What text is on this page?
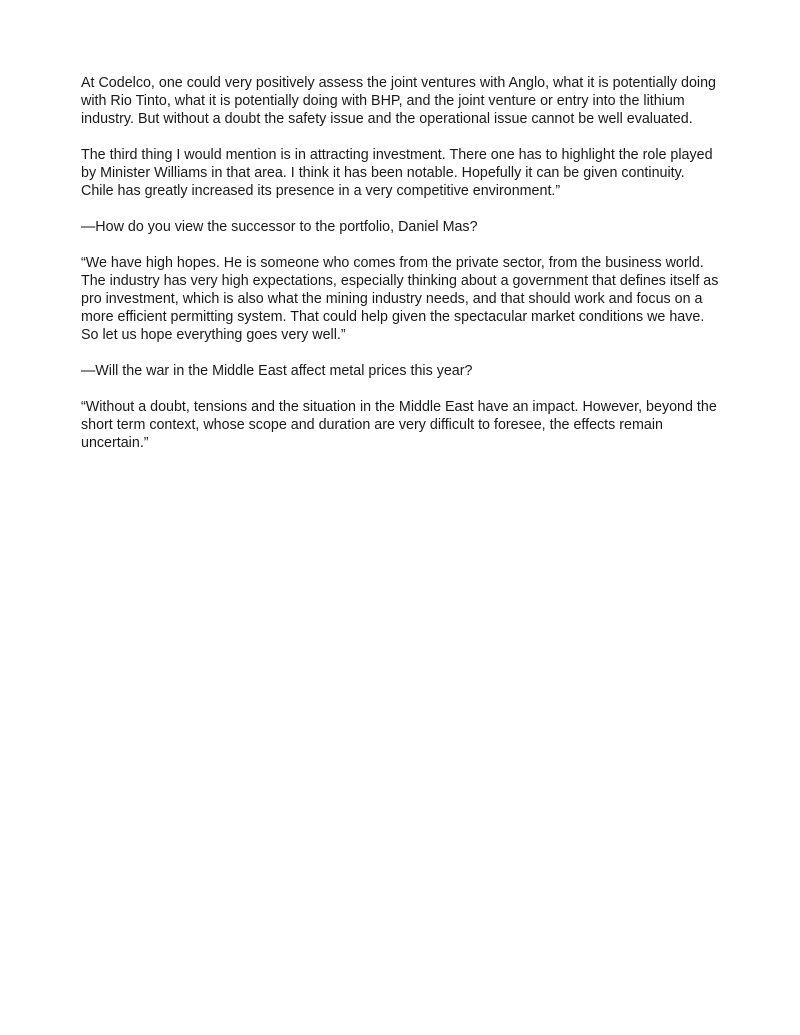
At Codelco, one could very positively assess the joint ventures with Anglo, what it is potentially doing with Rio Tinto, what it is potentially doing with BHP, and the joint venture or entry into the lithium industry. But without a doubt the safety issue and the operational issue cannot be well evaluated.

The third thing I would mention is in attracting investment. There one has to highlight the role played by Minister Williams in that area. I think it has been notable. Hopefully it can be given continuity. Chile has greatly increased its presence in a very competitive environment.”

—How do you view the successor to the portfolio, Daniel Mas?

“We have high hopes. He is someone who comes from the private sector, from the business world. The industry has very high expectations, especially thinking about a government that defines itself as pro investment, which is also what the mining industry needs, and that should work and focus on a more efficient permitting system. That could help given the spectacular market conditions we have. So let us hope everything goes very well.”

—Will the war in the Middle East affect metal prices this year?

“Without a doubt, tensions and the situation in the Middle East have an impact. However, beyond the short term context, whose scope and duration are very difficult to foresee, the effects remain uncertain.”
